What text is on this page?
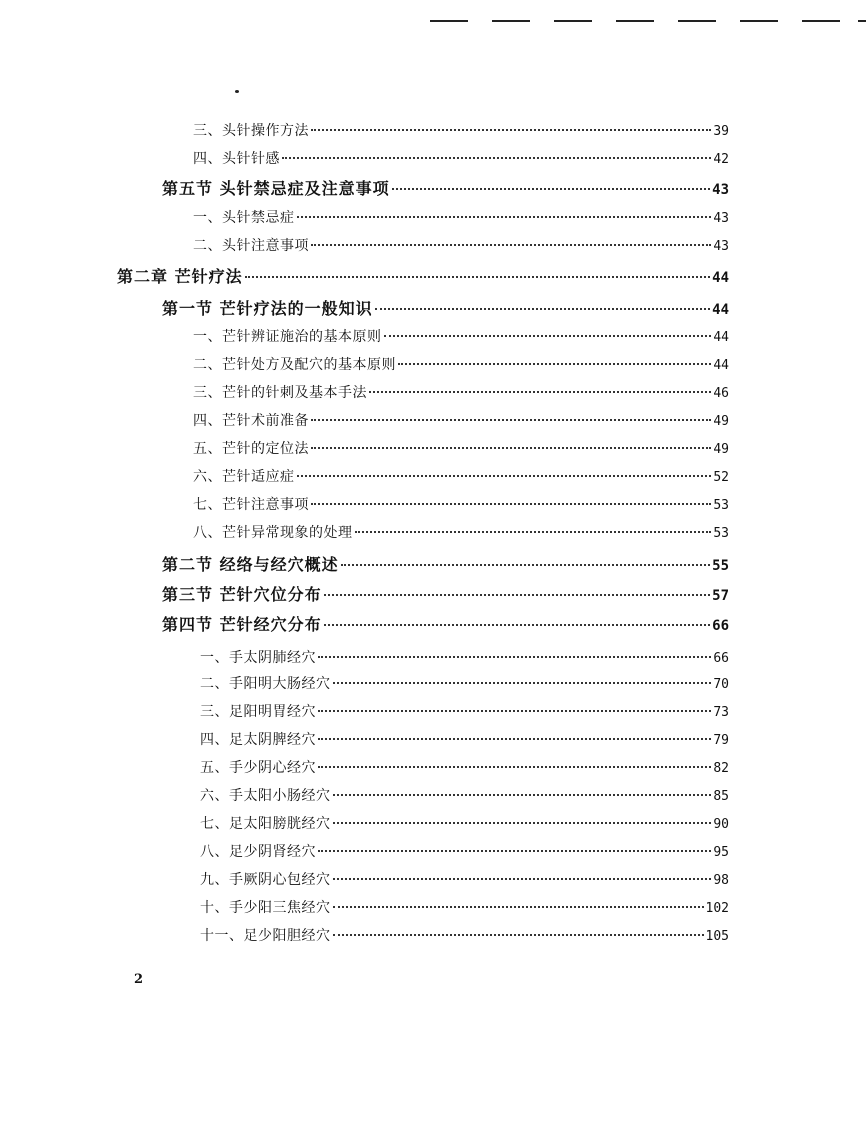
三、头针操作方法	39
四、头针针感	42
第五节 头针禁忌症及注意事项	43
一、头针禁忌症	43
二、头针注意事项	43
第二章 芒针疗法	44
第一节 芒针疗法的一般知识	44
一、芒针辨证施治的基本原则	44
二、芒针处方及配穴的基本原则	44
三、芒针的针刺及基本手法	46
四、芒针术前准备	49
五、芒针的定位法	49
六、芒针适应症	52
七、芒针注意事项	53
八、芒针异常现象的处理	53
第二节 经络与经穴概述	55
第三节 芒针穴位分布	57
第四节 芒针经穴分布	66
一、手太阴肺经穴	66
二、手阳明大肠经穴	70
三、足阳明胃经穴	73
四、足太阴脾经穴	79
五、手少阴心经穴	82
六、手太阳小肠经穴	85
七、足太阳膀胱经穴	90
八、足少阴肾经穴	95
九、手厥阴心包经穴	98
十、手少阳三焦经穴	102
十一、足少阳胆经穴	105
2
